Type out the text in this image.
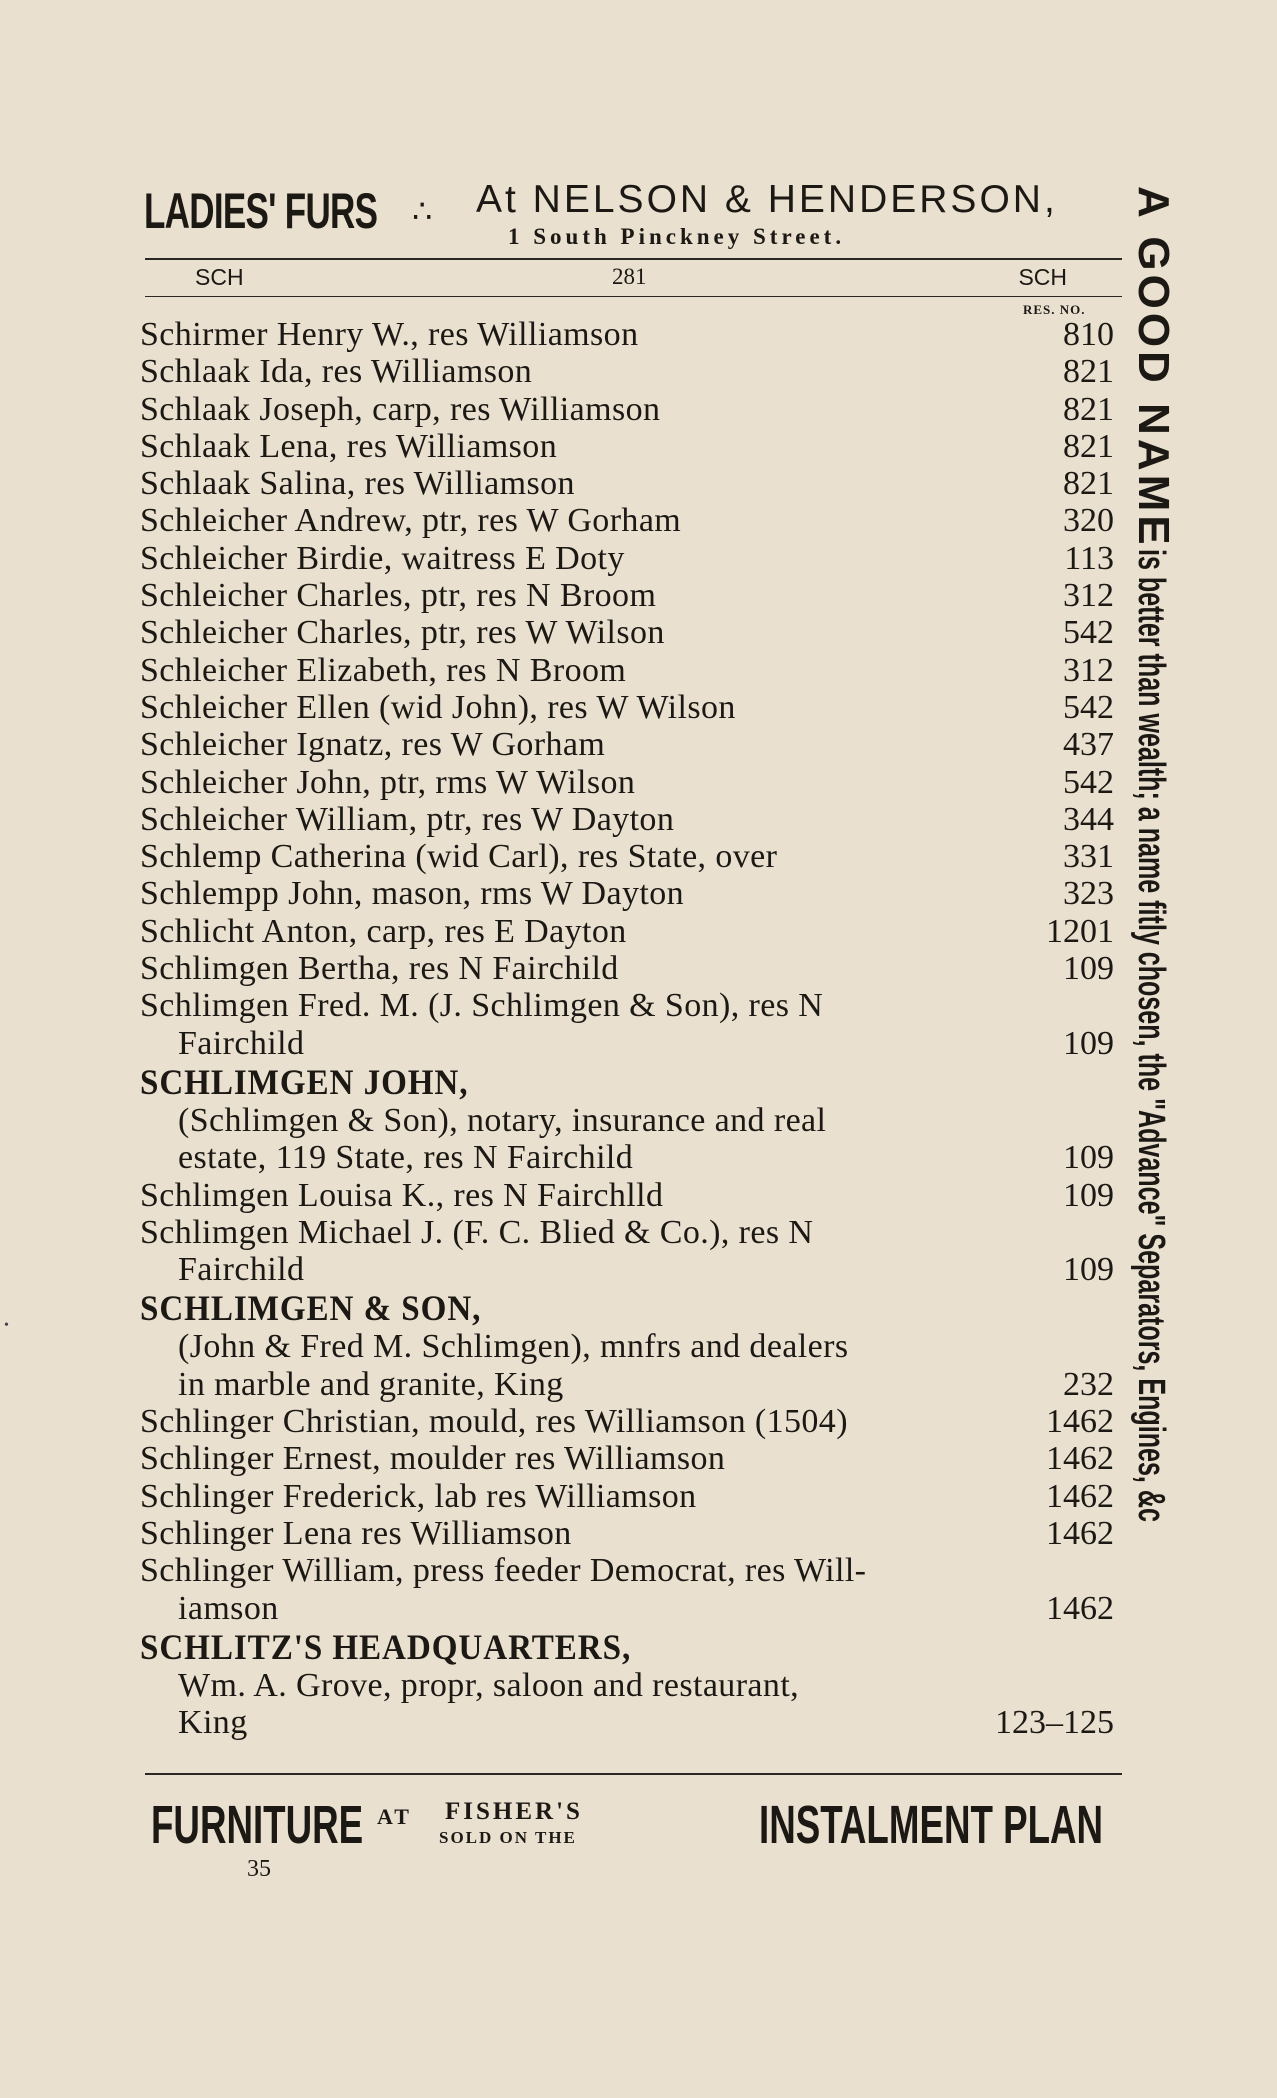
LADIES' FURS ∴ At NELSON & HENDERSON,
1 South Pinckney Street.
SCH	281	SCH
RES. NO.
Schirmer Henry W., res Williamson	810
Schlaak Ida, res Williamson	821
Schlaak Joseph, carp, res Williamson	821
Schlaak Lena, res Williamson	821
Schlaak Salina, res Williamson	821
Schleicher Andrew, ptr, res W Gorham	320
Schleicher Birdie, waitress E Doty	113
Schleicher Charles, ptr, res N Broom	312
Schleicher Charles, ptr, res W Wilson	542
Schleicher Elizabeth, res N Broom	312
Schleicher Ellen (wid John), res W Wilson	542
Schleicher Ignatz, res W Gorham	437
Schleicher John, ptr, rms W Wilson	542
Schleicher William, ptr, res W Dayton	344
Schlemp Catherina (wid Carl), res State, over	331
Schlempp John, mason, rms W Dayton	323
Schlicht Anton, carp, res E Dayton	1201
Schlimgen Bertha, res N Fairchild	109
Schlimgen Fred. M. (J. Schlimgen & Son), res N
Fairchild	109
SCHLIMGEN JOHN,
(Schlimgen & Son), notary, insurance and real
estate, 119 State, res N Fairchild	109
Schlimgen Louisa K., res N Fairchlld	109
Schlimgen Michael J. (F. C. Blied & Co.), res N
Fairchild	109
SCHLIMGEN & SON,
(John & Fred M. Schlimgen), mnfrs and dealers
in marble and granite, King	232
Schlinger Christian, mould, res Williamson (1504)	1462
Schlinger Ernest, moulder res Williamson	1462
Schlinger Frederick, lab res Williamson	1462
Schlinger Lena res Williamson	1462
Schlinger William, press feeder Democrat, res Will-
iamson	1462
SCHLITZ'S HEADQUARTERS,
Wm. A. Grove, propr, saloon and restaurant,
King	123–125
FURNITURE AT FISHER'S
SOLD ON THE	INSTALMENT PLAN
35
A GOOD NAMEis better than wealth; a name fitly chosen, the "Advance" Separators, Engines, &c
•
